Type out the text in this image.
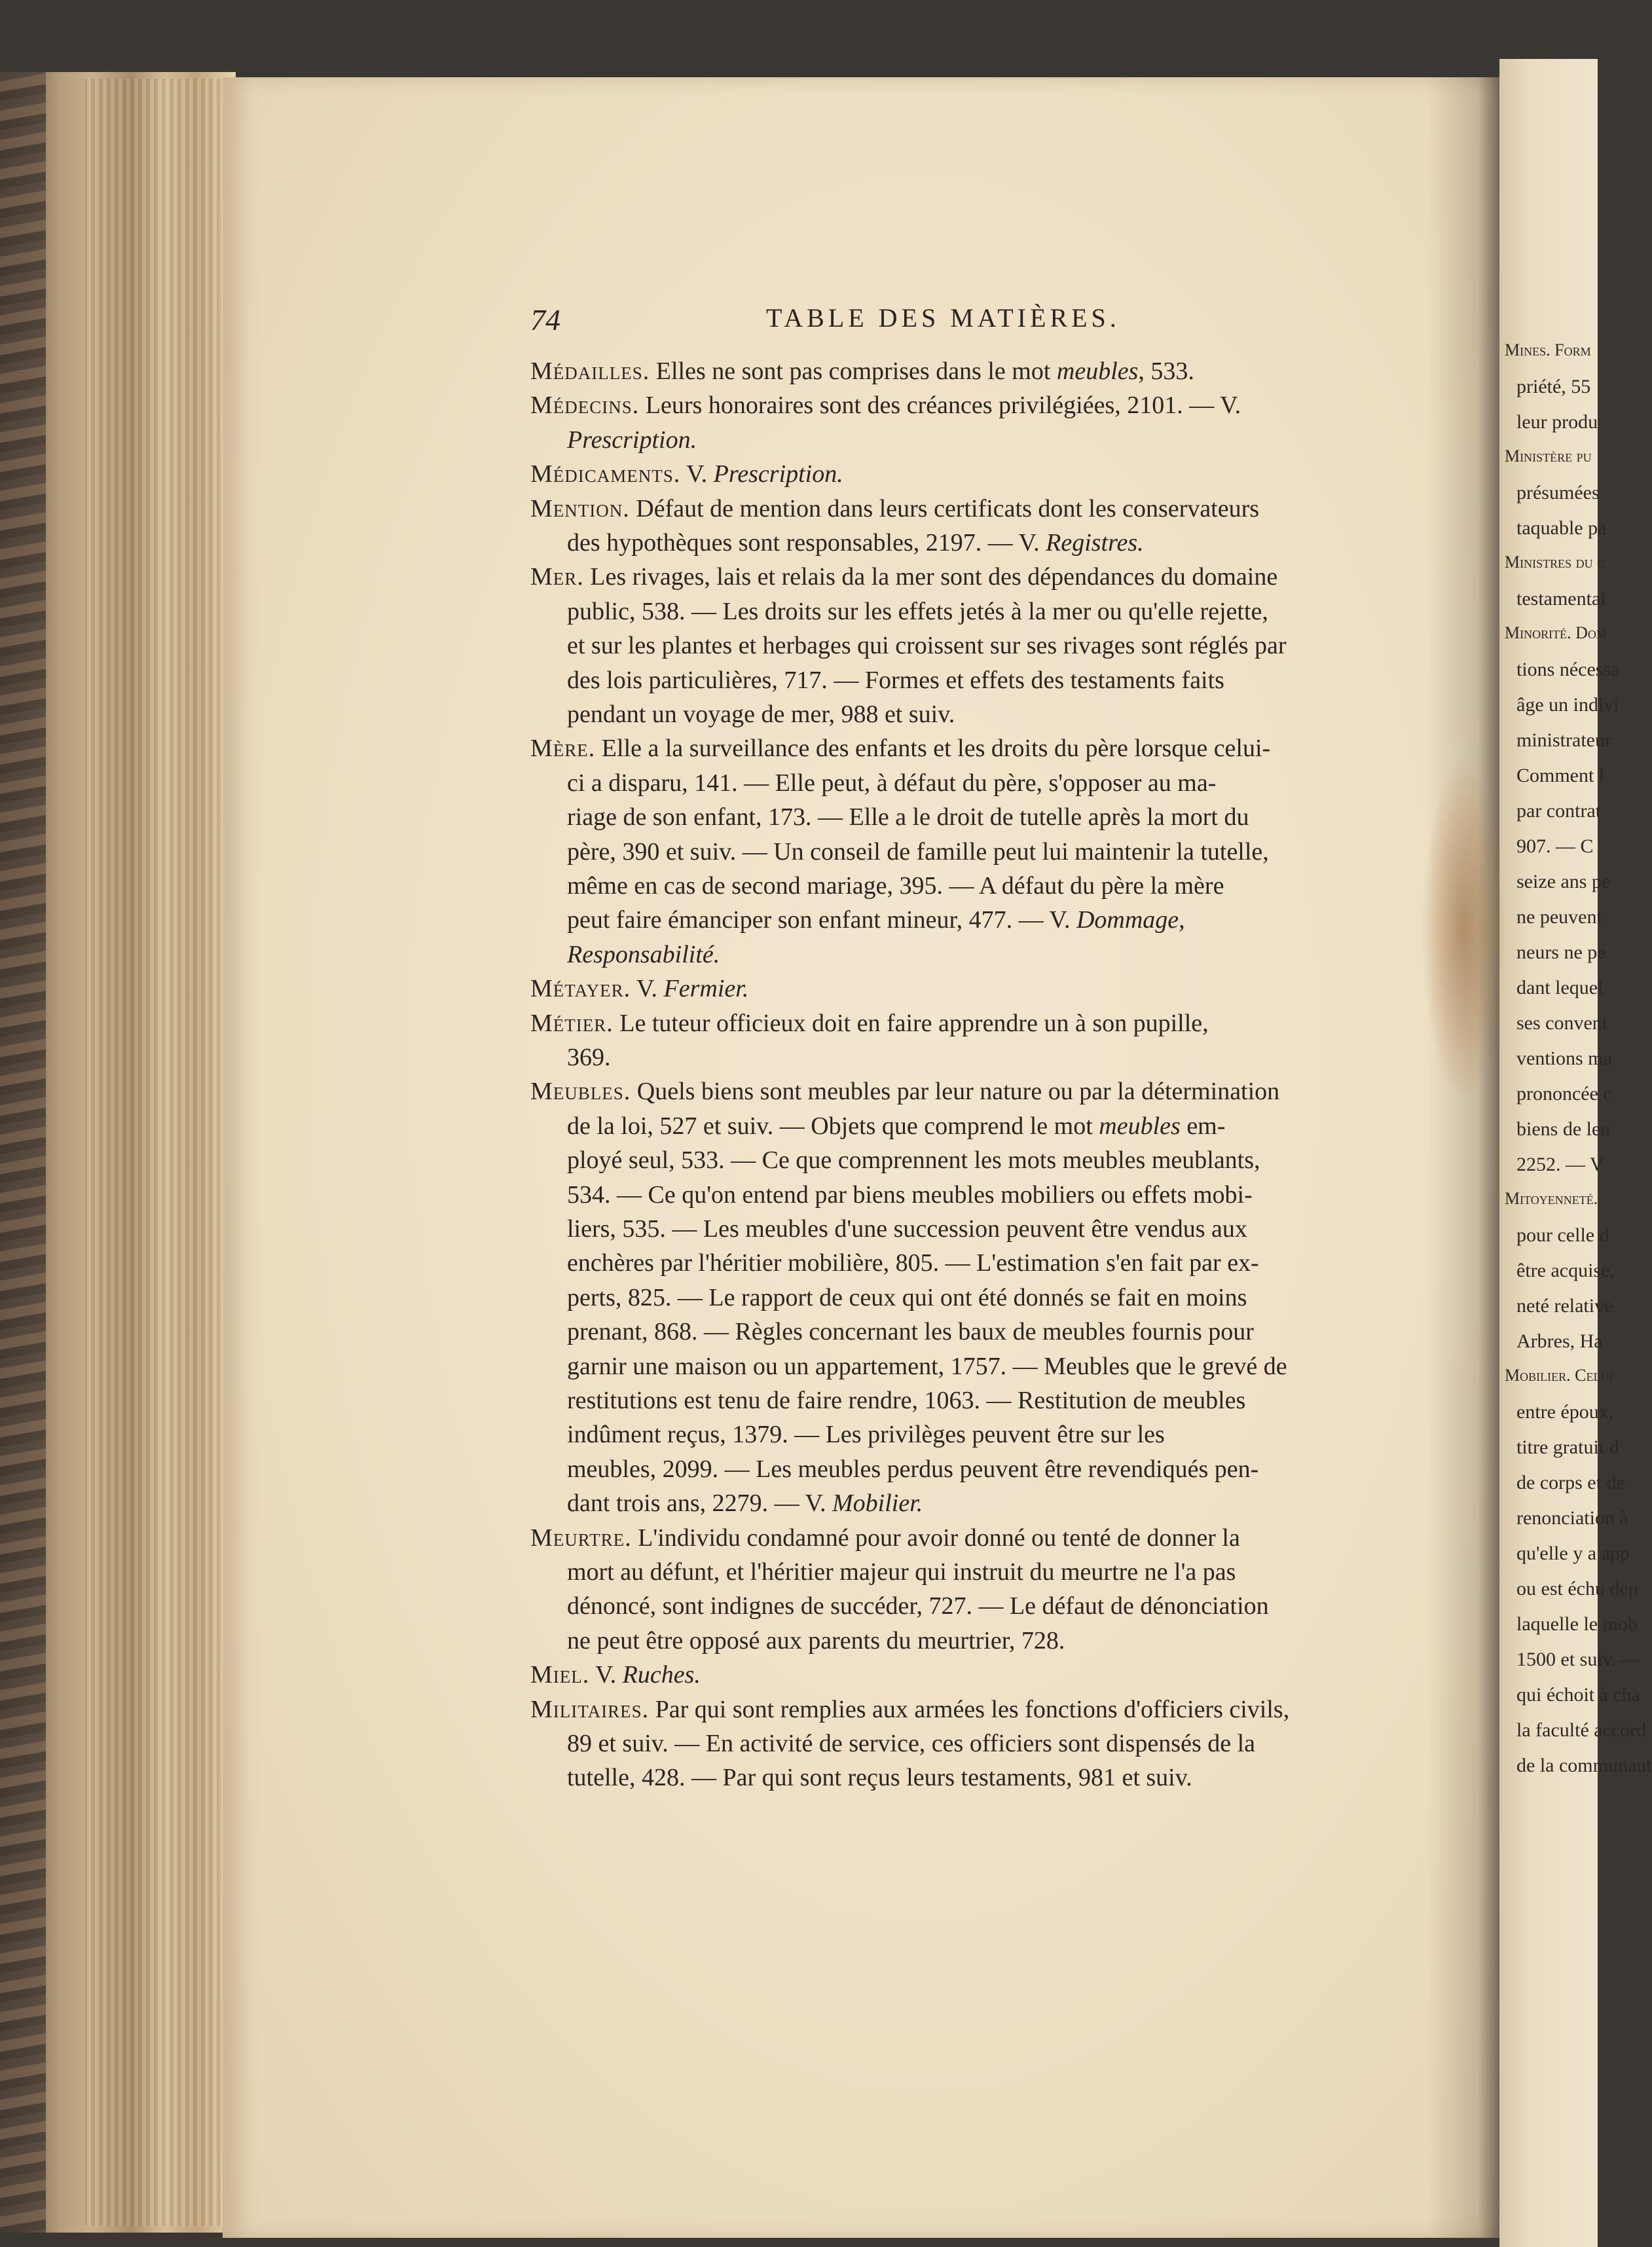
Mines. Form
priété, 55
leur produ
Ministère pu
présumées
taquable pa
Ministres du c
testamentai
Minorité. Dom
tions nécessa
âge un indivi
ministrateur
Comment l
par contrat
907. — C
seize ans pe
ne peuvent
neurs ne pe
dant lequel
ses convent
ventions ma
prononcée c
biens de leu
2252. — V
Mitoyenneté.
pour celle d
être acquise,
neté relative
Arbres, Ha
Mobilier. Celui
entre époux,
titre gratuit d
de corps et de
renonciation à
qu'elle y a app
ou est échu dep
laquelle le mob
1500 et suiv. —
qui échoit à cha
la faculté accord
de la communaut
74	TABLE DES MATIÈRES.
Médailles. Elles ne sont pas comprises dans le mot meubles, 533.
Médecins. Leurs honoraires sont des créances privilégiées, 2101. — V.
Prescription.
Médicaments. V. Prescription.
Mention. Défaut de mention dans leurs certificats dont les conservateurs
des hypothèques sont responsables, 2197. — V. Registres.
Mer. Les rivages, lais et relais da la mer sont des dépendances du domaine
public, 538. — Les droits sur les effets jetés à la mer ou qu'elle rejette,
et sur les plantes et herbages qui croissent sur ses rivages sont réglés par
des lois particulières, 717. — Formes et effets des testaments faits
pendant un voyage de mer, 988 et suiv.
Mère. Elle a la surveillance des enfants et les droits du père lorsque celui-
ci a disparu, 141. — Elle peut, à défaut du père, s'opposer au ma-
riage de son enfant, 173. — Elle a le droit de tutelle après la mort du
père, 390 et suiv. — Un conseil de famille peut lui maintenir la tutelle,
même en cas de second mariage, 395. — A défaut du père la mère
peut faire émanciper son enfant mineur, 477. — V. Dommage,
Responsabilité.
Métayer. V. Fermier.
Métier. Le tuteur officieux doit en faire apprendre un à son pupille,
369.
Meubles. Quels biens sont meubles par leur nature ou par la détermination
de la loi, 527 et suiv. — Objets que comprend le mot meubles em-
ployé seul, 533. — Ce que comprennent les mots meubles meublants,
534. — Ce qu'on entend par biens meubles mobiliers ou effets mobi-
liers, 535. — Les meubles d'une succession peuvent être vendus aux
enchères par l'héritier mobilière, 805. — L'estimation s'en fait par ex-
perts, 825. — Le rapport de ceux qui ont été donnés se fait en moins
prenant, 868. — Règles concernant les baux de meubles fournis pour
garnir une maison ou un appartement, 1757. — Meubles que le grevé de
restitutions est tenu de faire rendre, 1063. — Restitution de meubles
indûment reçus, 1379. — Les privilèges peuvent être sur les
meubles, 2099. — Les meubles perdus peuvent être revendiqués pen-
dant trois ans, 2279. — V. Mobilier.
Meurtre. L'individu condamné pour avoir donné ou tenté de donner la
mort au défunt, et l'héritier majeur qui instruit du meurtre ne l'a pas
dénoncé, sont indignes de succéder, 727. — Le défaut de dénonciation
ne peut être opposé aux parents du meurtrier, 728.
Miel. V. Ruches.
Militaires. Par qui sont remplies aux armées les fonctions d'officiers civils,
89 et suiv. — En activité de service, ces officiers sont dispensés de la
tutelle, 428. — Par qui sont reçus leurs testaments, 981 et suiv.
